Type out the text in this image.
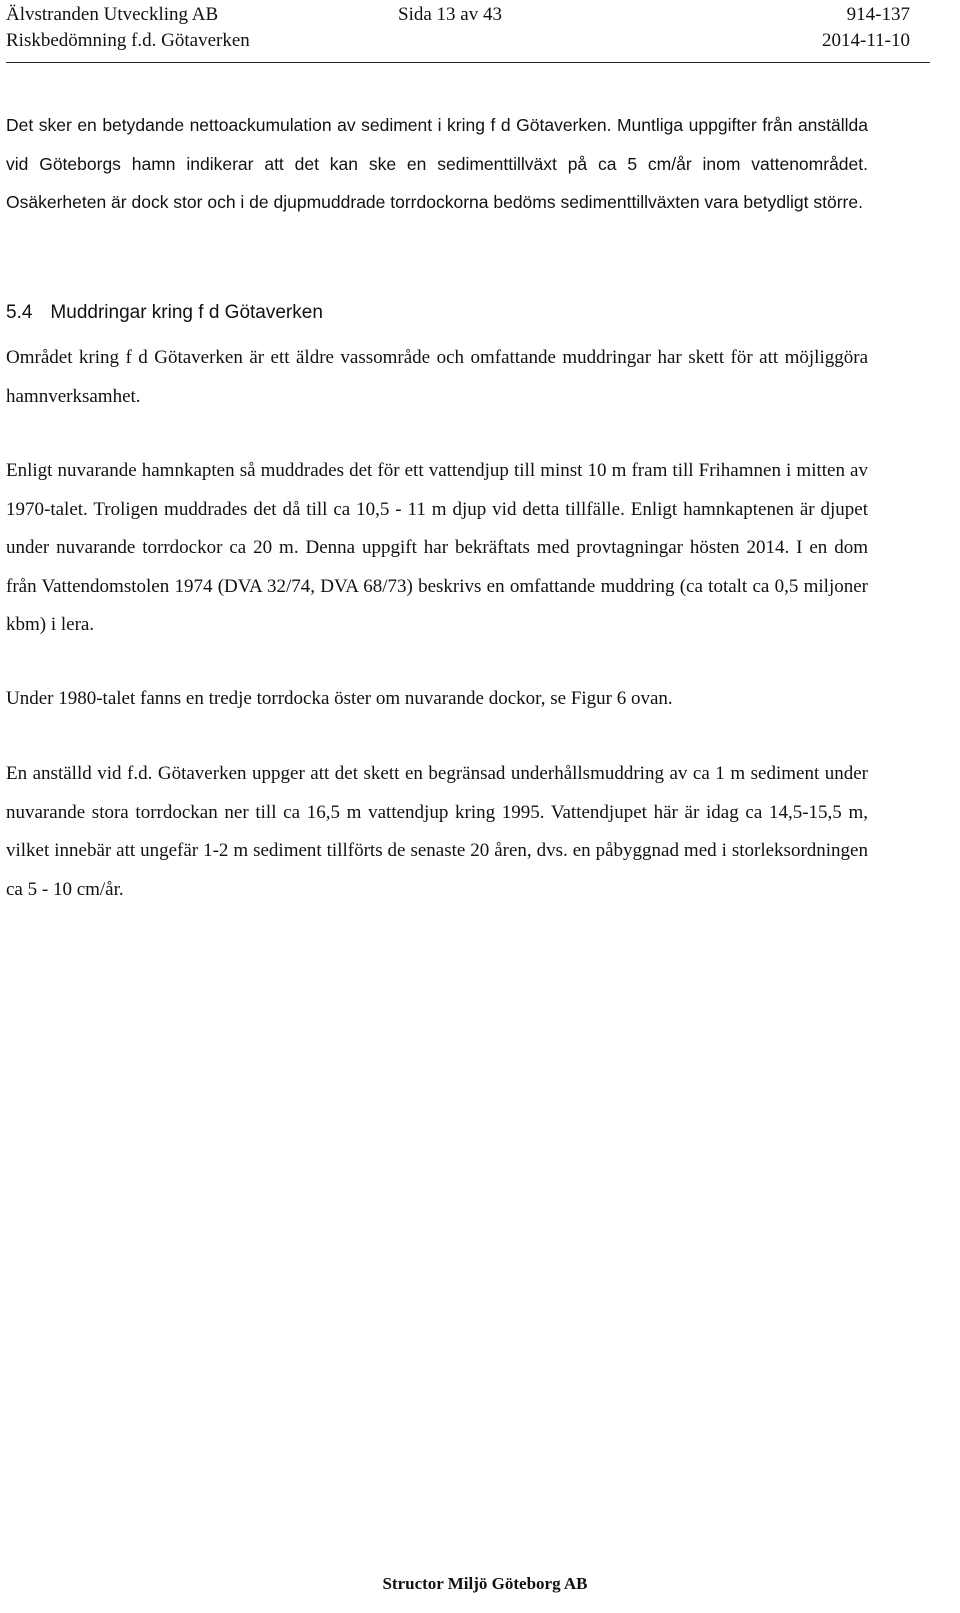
Älvstranden Utveckling AB	Sida 13 av 43	914-137
Riskbedömning f.d. Götaverken	2014-11-10

Det sker en betydande nettoackumulation av sediment i kring f d Götaverken. Muntliga uppgifter från anställda vid Göteborgs hamn indikerar att det kan ske en sedimenttillväxt på ca 5 cm/år inom vattenområdet. Osäkerheten är dock stor och i de djupmuddrade torrdockorna bedöms sedimenttillväxten vara betydligt större.

5.4 Muddringar kring f d Götaverken

Området kring f d Götaverken är ett äldre vassområde och omfattande muddringar har skett för att möjliggöra hamnverksamhet.

Enligt nuvarande hamnkapten så muddrades det för ett vattendjup till minst 10 m fram till Frihamnen i mitten av 1970-talet. Troligen muddrades det då till ca 10,5 - 11 m djup vid detta tillfälle. Enligt hamnkaptenen är djupet under nuvarande torrdockor ca 20 m. Denna uppgift har bekräftats med provtagningar hösten 2014. I en dom från Vattendomstolen 1974 (DVA 32/74, DVA 68/73) beskrivs en omfattande muddring (ca totalt ca 0,5 miljoner kbm) i lera.

Under 1980-talet fanns en tredje torrdocka öster om nuvarande dockor, se Figur 6 ovan.

En anställd vid f.d. Götaverken uppger att det skett en begränsad underhållsmuddring av ca 1 m sediment under nuvarande stora torrdockan ner till ca 16,5 m vattendjup kring 1995. Vattendjupet här är idag ca 14,5-15,5 m, vilket innebär att ungefär 1-2 m sediment tillförts de senaste 20 åren, dvs. en påbyggnad med i storleksordningen ca 5 - 10 cm/år.

Structor Miljö Göteborg AB
